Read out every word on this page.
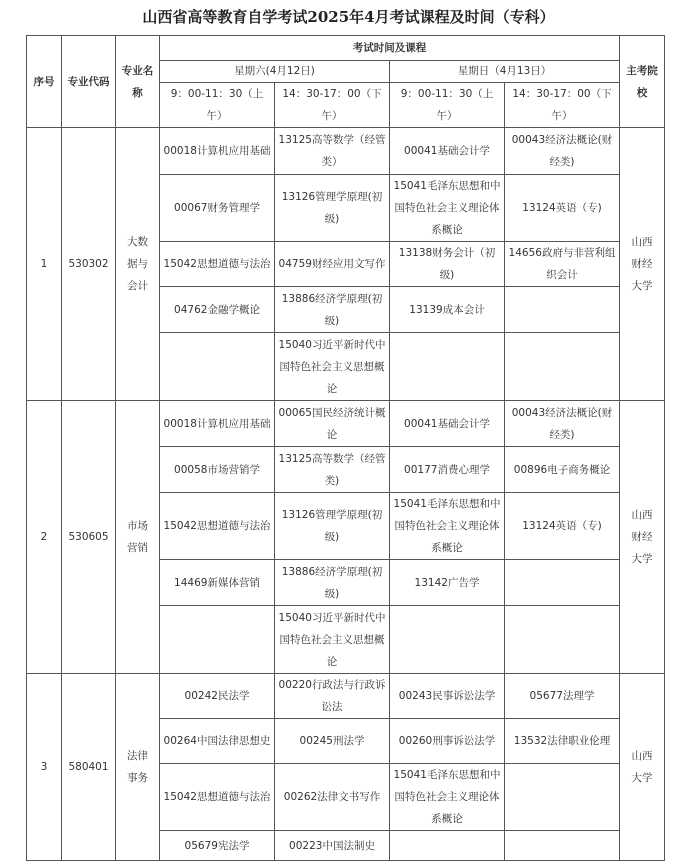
山西省高等教育自学考试2025年4月考试课程及时间（专科）
序号	专业代码	专业名称	考试时间及课程				主考院校
			星期六(4月12日)		星期日（4月13日）		
			9：00-11：30（上午）	14：30-17：00（下午）	9：00-11：30（上午）	14：30-17：00（下午）	
1	530302	大数据与会计	00018计算机应用基础	13125高等数学（经管类）	00041基础会计学	00043经济法概论(财经类)	山西财经大学
			00067财务管理学	13126管理学原理(初级)	15041毛泽东思想和中国特色社会主义理论体系概论	13124英语（专)	
			15042思想道德与法治	04759财经应用文写作	13138财务会计（初级)	14656政府与非营利组织会计	
			04762金融学概论	13886经济学原理(初级)	13139成本会计		
				15040习近平新时代中国特色社会主义思想概论			
2	530605	市场营销	00018计算机应用基础	00065国民经济统计概论	00041基础会计学	00043经济法概论(财经类)	山西财经大学
			00058市场营销学	13125高等数学（经管类)	00177消费心理学	00896电子商务概论	
			15042思想道德与法治	13126管理学原理(初级)	15041毛泽东思想和中国特色社会主义理论体系概论	13124英语（专)	
			14469新媒体营销	13886经济学原理(初级)	13142广告学		
				15040习近平新时代中国特色社会主义思想概论			
3	580401	法律事务	00242民法学	00220行政法与行政诉讼法	00243民事诉讼法学	05677法理学	山西大学
			00264中国法律思想史	00245刑法学	00260刑事诉讼法学	13532法律职业伦理	
			15042思想道德与法治	00262法律文书写作	15041毛泽东思想和中国特色社会主义理论体系概论		
			05679宪法学	00223中国法制史			
